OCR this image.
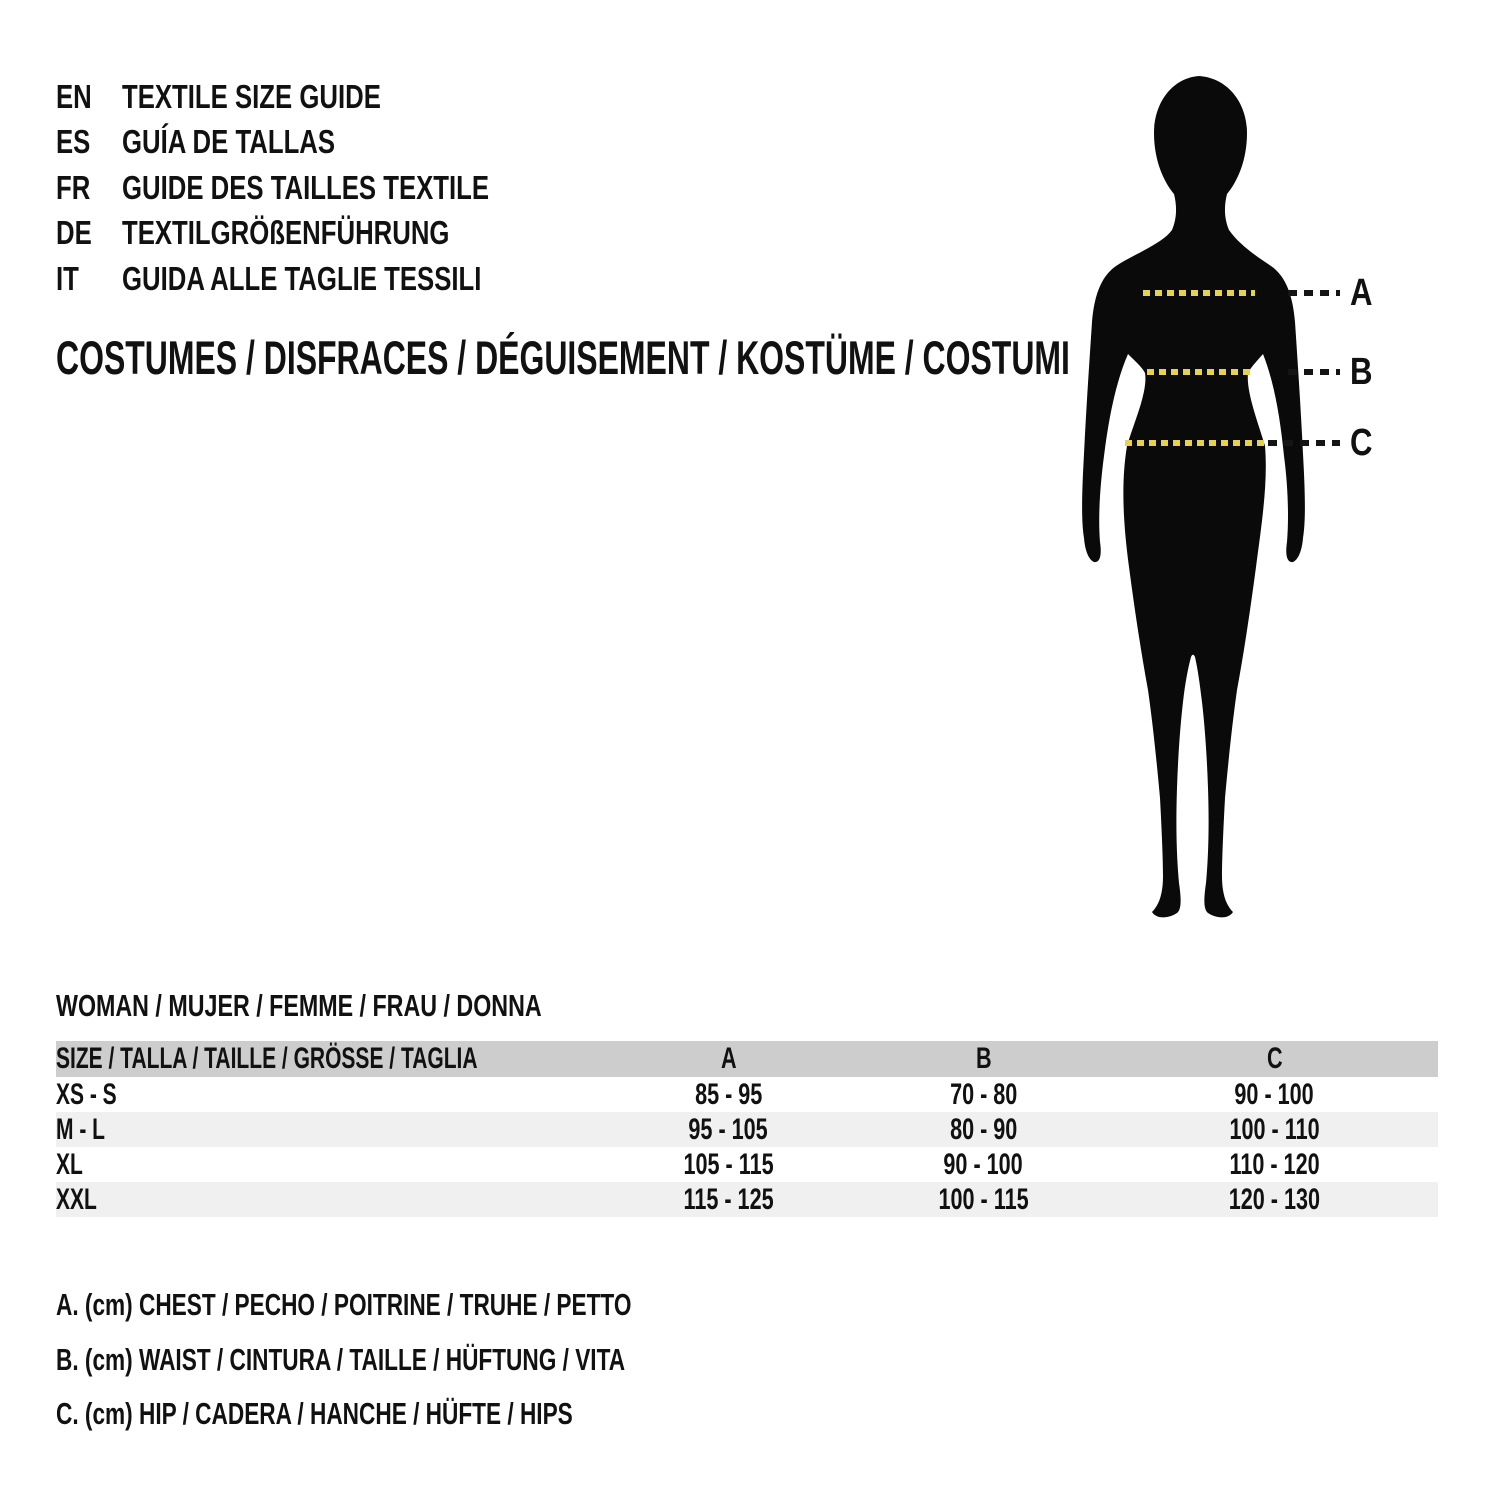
EN TEXTILE SIZE GUIDE
ES GUÍA DE TALLAS
FR GUIDE DES TAILLES TEXTILE
DE TEXTILGRÖßENFÜHRUNG
IT	GUIDA ALLE TAGLIE TESSILI
COSTUMES / DISFRACES / DÉGUISEMENT / KOSTÜME / COSTUMI
A
B
C
WOMAN / MUJER / FEMME / FRAU / DONNA
SIZE / TALLA / TAILLE / GRÖSSE / TAGLIA	A	B	C
XS - S	85 - 95	70 - 80	90 - 100
M - L	95 - 105	80 - 90	100 - 110
XL	105 - 115	90 - 100	110 - 120
XXL	115 - 125	100 - 115	120 - 130
A. (cm) CHEST / PECHO / POITRINE / TRUHE / PETTO
B. (cm) WAIST / CINTURA / TAILLE / HÜFTUNG / VITA
C. (cm) HIP / CADERA / HANCHE / HÜFTE / HIPS
